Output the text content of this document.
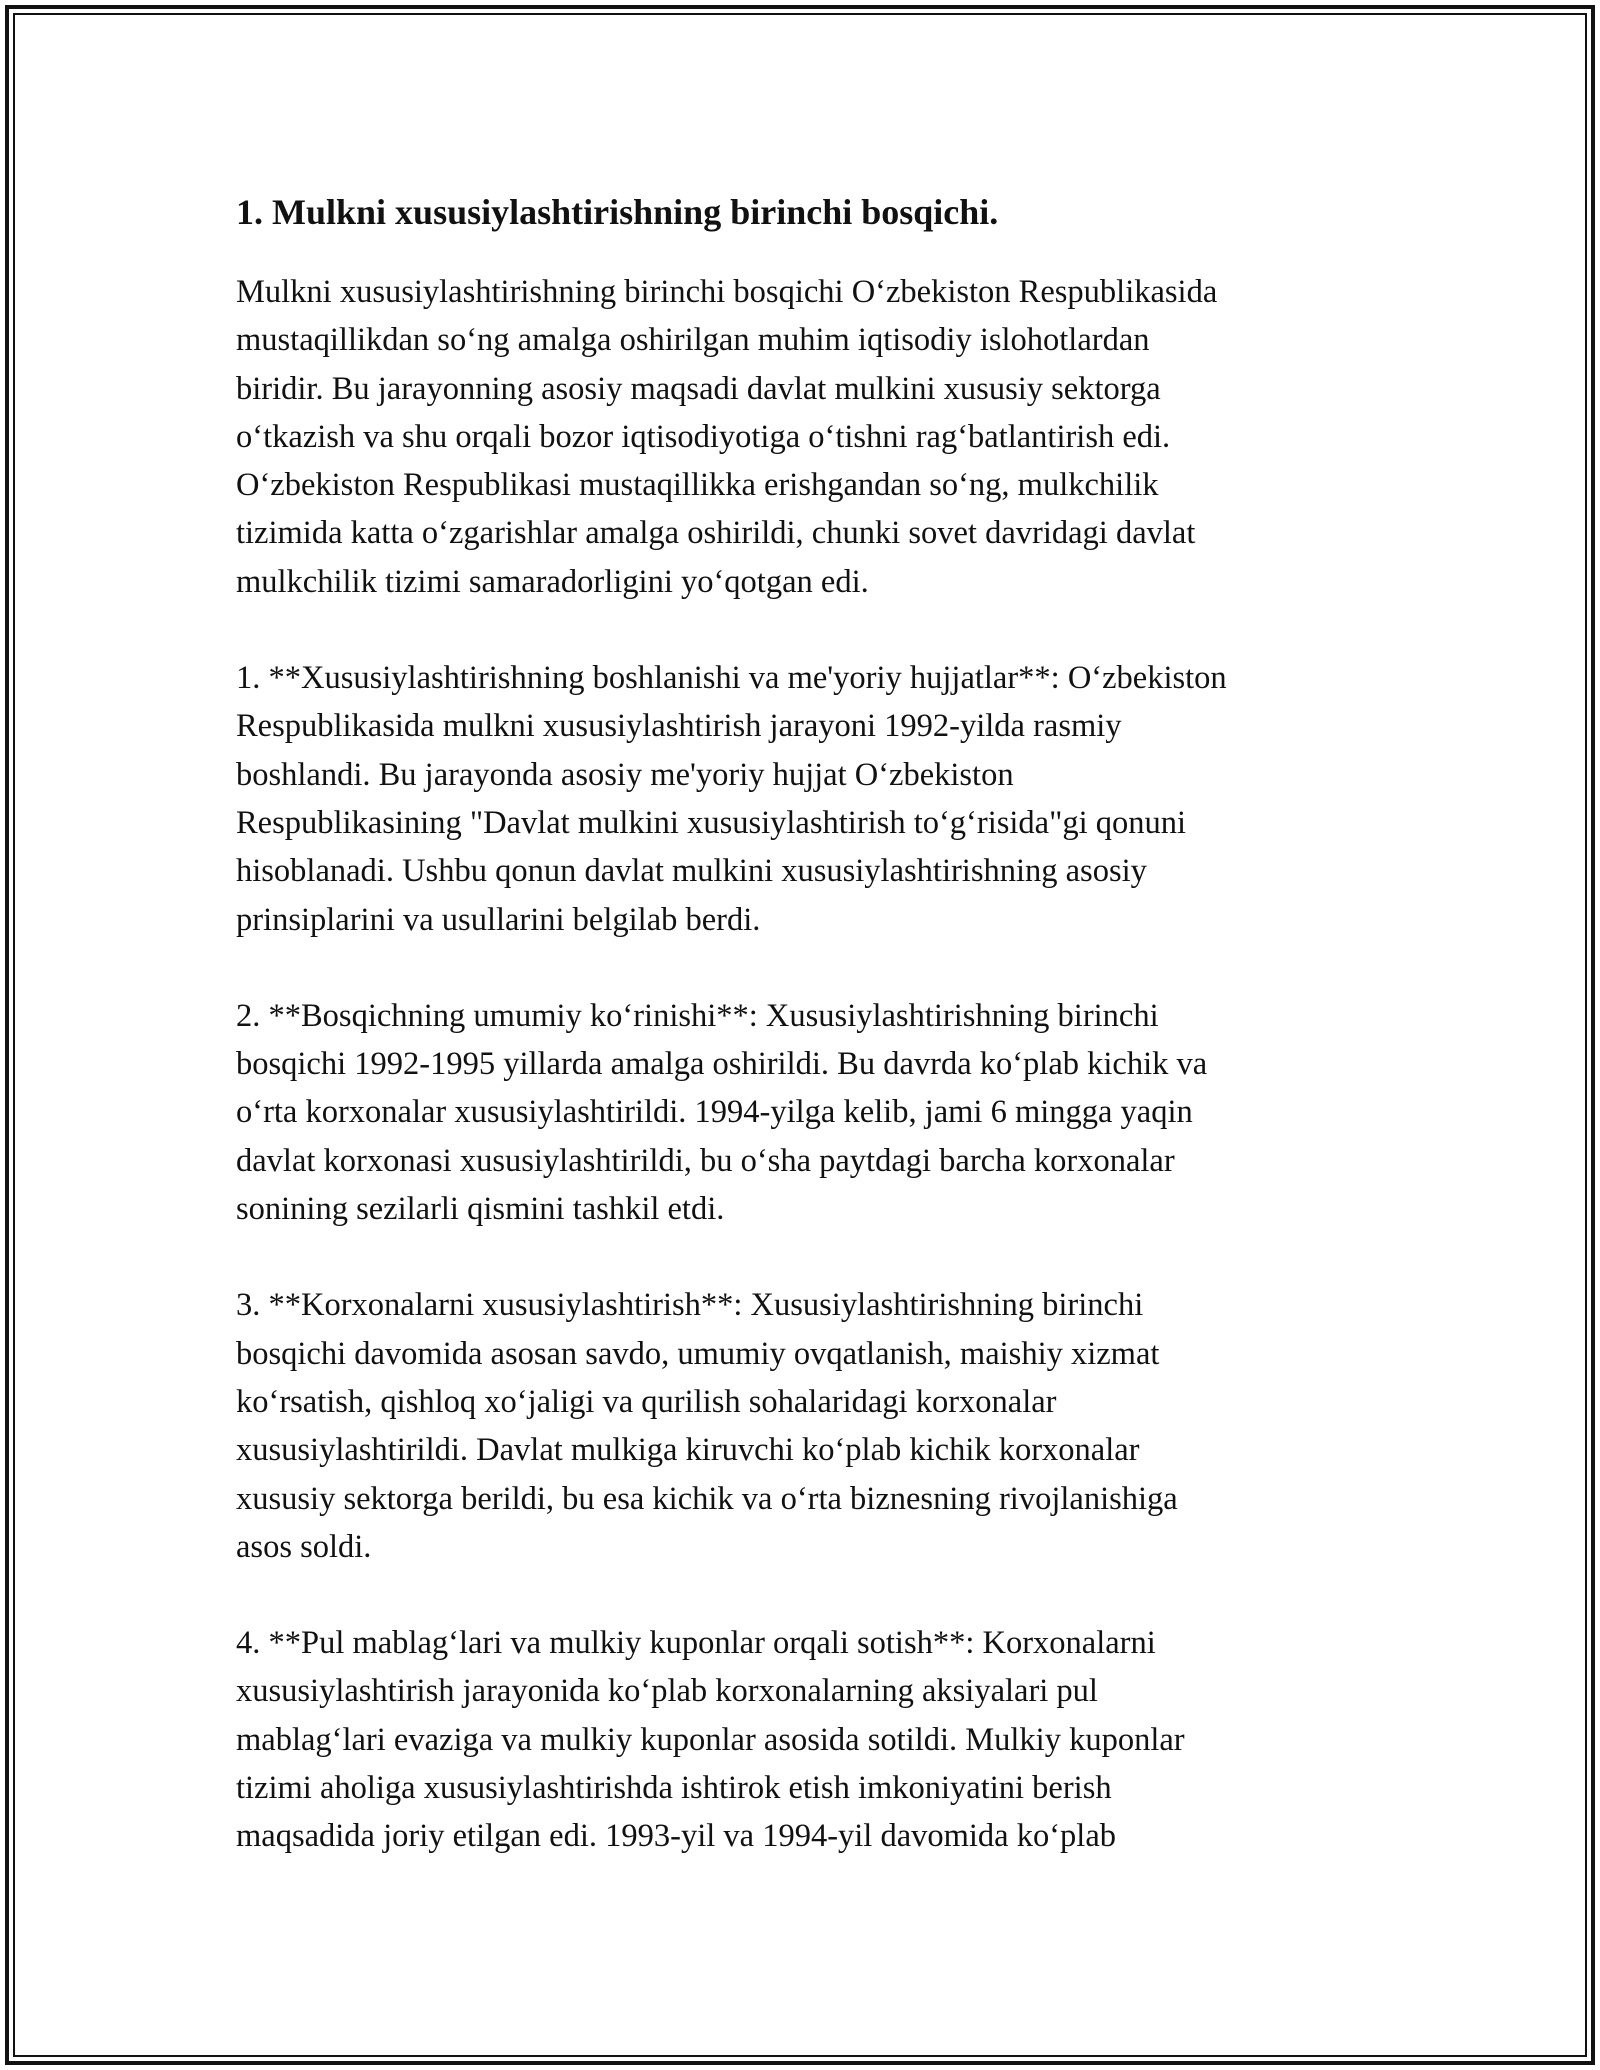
1. Mulkni xususiylashtirishning birinchi bosqichi.

Mulkni xususiylashtirishning birinchi bosqichi O‘zbekiston Respublikasida
mustaqillikdan so‘ng amalga oshirilgan muhim iqtisodiy islohotlardan
biridir. Bu jarayonning asosiy maqsadi davlat mulkini xususiy sektorga
o‘tkazish va shu orqali bozor iqtisodiyotiga o‘tishni rag‘batlantirish edi.
O‘zbekiston Respublikasi mustaqillikka erishgandan so‘ng, mulkchilik
tizimida katta o‘zgarishlar amalga oshirildi, chunki sovet davridagi davlat
mulkchilik tizimi samaradorligini yo‘qotgan edi.

1. **Xususiylashtirishning boshlanishi va me'yoriy hujjatlar**: O‘zbekiston
Respublikasida mulkni xususiylashtirish jarayoni 1992-yilda rasmiy
boshlandi. Bu jarayonda asosiy me'yoriy hujjat O‘zbekiston
Respublikasining "Davlat mulkini xususiylashtirish to‘g‘risida"gi qonuni
hisoblanadi. Ushbu qonun davlat mulkini xususiylashtirishning asosiy
prinsiplarini va usullarini belgilab berdi.

2. **Bosqichning umumiy ko‘rinishi**: Xususiylashtirishning birinchi
bosqichi 1992-1995 yillarda amalga oshirildi. Bu davrda ko‘plab kichik va
o‘rta korxonalar xususiylashtirildi. 1994-yilga kelib, jami 6 mingga yaqin
davlat korxonasi xususiylashtirildi, bu o‘sha paytdagi barcha korxonalar
sonining sezilarli qismini tashkil etdi.

3. **Korxonalarni xususiylashtirish**: Xususiylashtirishning birinchi
bosqichi davomida asosan savdo, umumiy ovqatlanish, maishiy xizmat
ko‘rsatish, qishloq xo‘jaligi va qurilish sohalaridagi korxonalar
xususiylashtirildi. Davlat mulkiga kiruvchi ko‘plab kichik korxonalar
xususiy sektorga berildi, bu esa kichik va o‘rta biznesning rivojlanishiga
asos soldi.

4. **Pul mablag‘lari va mulkiy kuponlar orqali sotish**: Korxonalarni
xususiylashtirish jarayonida ko‘plab korxonalarning aksiyalari pul
mablag‘lari evaziga va mulkiy kuponlar asosida sotildi. Mulkiy kuponlar
tizimi aholiga xususiylashtirishda ishtirok etish imkoniyatini berish
maqsadida joriy etilgan edi. 1993-yil va 1994-yil davomida ko‘plab
